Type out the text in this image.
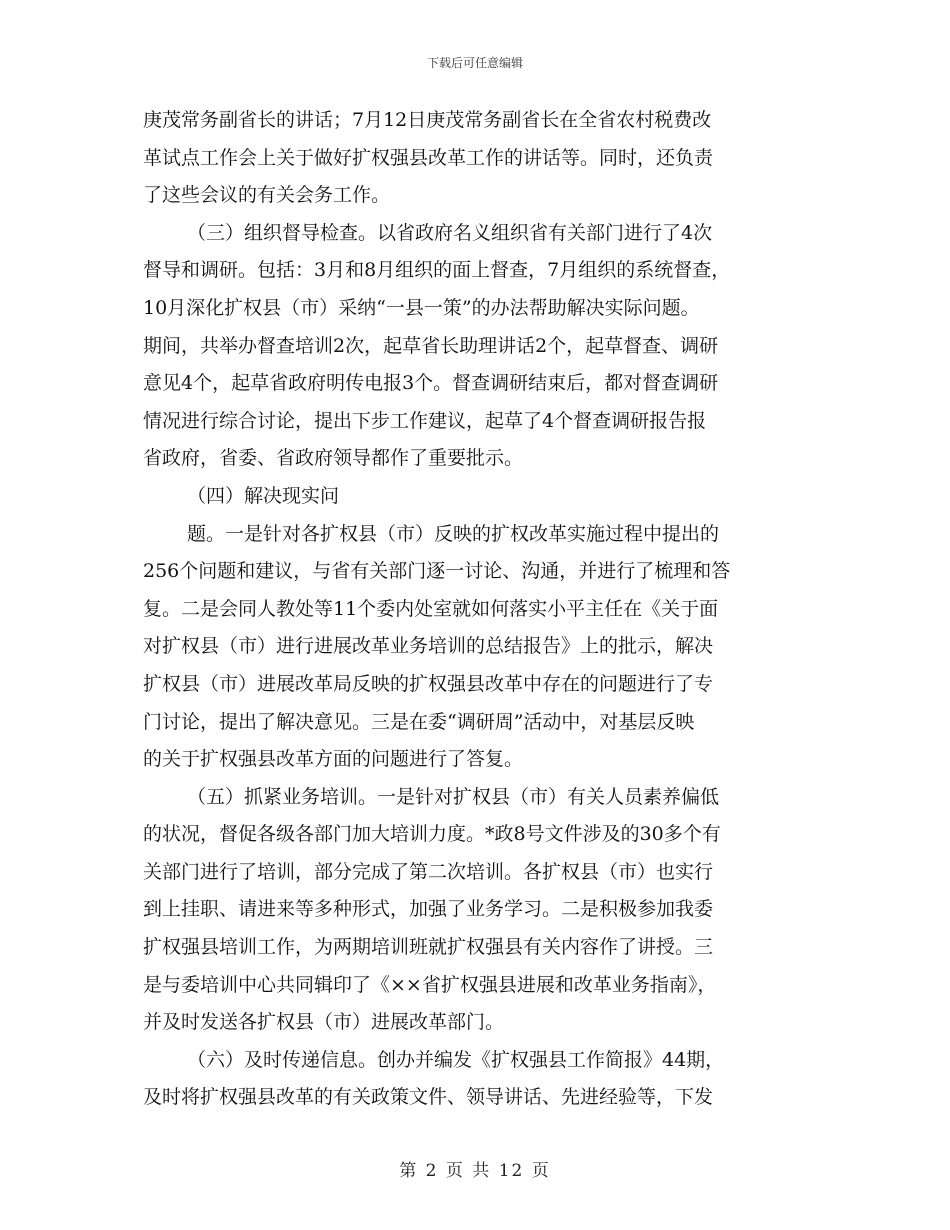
下载后可任意编辑
庚茂常务副省长的讲话；7月12日庚茂常务副省长在全省农村税费改
革试点工作会上关于做好扩权强县改革工作的讲话等。同时，还负责
了这些会议的有关会务工作。
（三）组织督导检查。以省政府名义组织省有关部门进行了4次
督导和调研。包括：3月和8月组织的面上督查，7月组织的系统督查，
10月深化扩权县（市）采纳“一县一策”的办法帮助解决实际问题。
期间，共举办督查培训2次，起草省长助理讲话2个，起草督查、调研
意见4个，起草省政府明传电报3个。督查调研结束后，都对督查调研
情况进行综合讨论，提出下步工作建议，起草了4个督查调研报告报
省政府，省委、省政府领导都作了重要批示。
（四）解决现实问
题。一是针对各扩权县（市）反映的扩权改革实施过程中提出的
256个问题和建议，与省有关部门逐一讨论、沟通，并进行了梳理和答
复。二是会同人教处等11个委内处室就如何落实小平主任在《关于面
对扩权县（市）进行进展改革业务培训的总结报告》上的批示，解决
扩权县（市）进展改革局反映的扩权强县改革中存在的问题进行了专
门讨论，提出了解决意见。三是在委“调研周”活动中，对基层反映
的关于扩权强县改革方面的问题进行了答复。
（五）抓紧业务培训。一是针对扩权县（市）有关人员素养偏低
的状况，督促各级各部门加大培训力度。*政8号文件涉及的30多个有
关部门进行了培训，部分完成了第二次培训。各扩权县（市）也实行
到上挂职、请进来等多种形式，加强了业务学习。二是积极参加我委
扩权强县培训工作，为两期培训班就扩权强县有关内容作了讲授。三
是与委培训中心共同辑印了《××省扩权强县进展和改革业务指南》，
并及时发送各扩权县（市）进展改革部门。
（六）及时传递信息。创办并编发《扩权强县工作简报》44期，
及时将扩权强县改革的有关政策文件、领导讲话、先进经验等，下发
第 2 页 共 12 页
